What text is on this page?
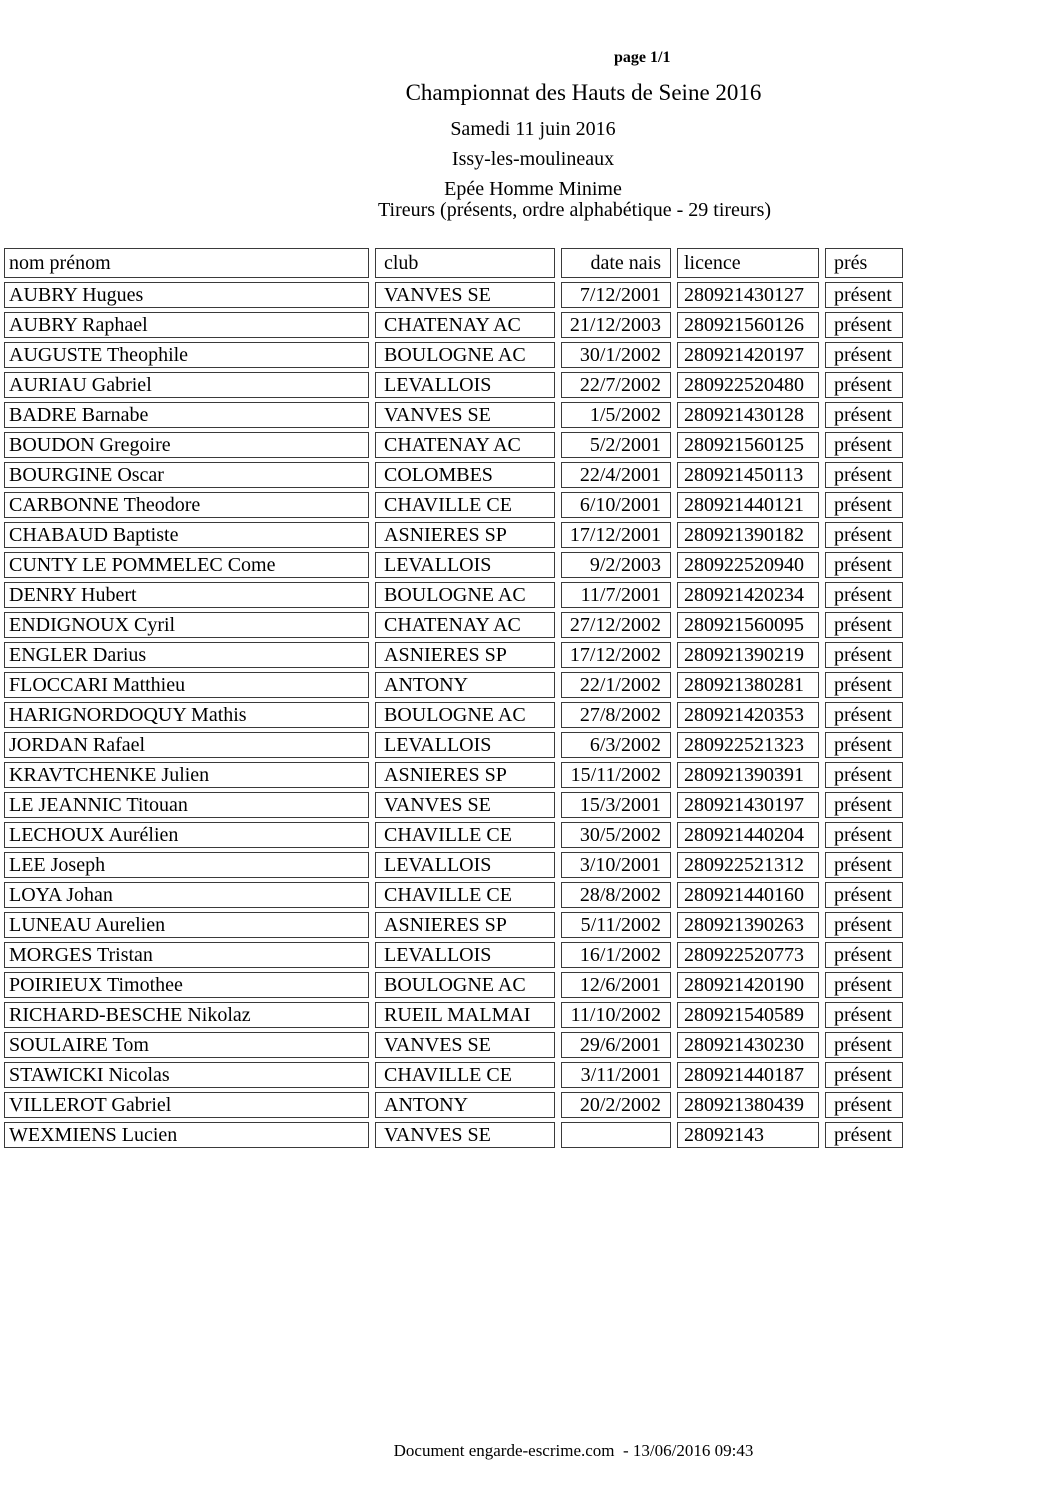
Championnat des Hauts de Seine 2016

page 1/1

Samedi 11 juin 2016

Issy-les-moulineaux

Epée Homme Minime

Tireurs (présents, ordre alphabétique - 29 tireurs)
nom prénom	club	date nais	licence	prés
AUBRY Hugues	VANVES SE	7/12/2001	280921430127	présent
AUBRY Raphael	CHATENAY AC	21/12/2003	280921560126	présent
AUGUSTE Theophile	BOULOGNE AC	30/1/2002	280921420197	présent
AURIAU Gabriel	LEVALLOIS	22/7/2002	280922520480	présent
BADRE Barnabe	VANVES SE	1/5/2002	280921430128	présent
BOUDON Gregoire	CHATENAY AC	5/2/2001	280921560125	présent
BOURGINE Oscar	COLOMBES	22/4/2001	280921450113	présent
CARBONNE Theodore	CHAVILLE CE	6/10/2001	280921440121	présent
CHABAUD Baptiste	ASNIERES SP	17/12/2001	280921390182	présent
CUNTY LE POMMELEC Come	LEVALLOIS	9/2/2003	280922520940	présent
DENRY Hubert	BOULOGNE AC	11/7/2001	280921420234	présent
ENDIGNOUX Cyril	CHATENAY AC	27/12/2002	280921560095	présent
ENGLER Darius	ASNIERES SP	17/12/2002	280921390219	présent
FLOCCARI Matthieu	ANTONY	22/1/2002	280921380281	présent
HARIGNORDOQUY Mathis	BOULOGNE AC	27/8/2002	280921420353	présent
JORDAN Rafael	LEVALLOIS	6/3/2002	280922521323	présent
KRAVTCHENKE Julien	ASNIERES SP	15/11/2002	280921390391	présent
LE JEANNIC Titouan	VANVES SE	15/3/2001	280921430197	présent
LECHOUX Aurélien	CHAVILLE CE	30/5/2002	280921440204	présent
LEE Joseph	LEVALLOIS	3/10/2001	280922521312	présent
LOYA Johan	CHAVILLE CE	28/8/2002	280921440160	présent
LUNEAU Aurelien	ASNIERES SP	5/11/2002	280921390263	présent
MORGES Tristan	LEVALLOIS	16/1/2002	280922520773	présent
POIRIEUX Timothee	BOULOGNE AC	12/6/2001	280921420190	présent
RICHARD-BESCHE Nikolaz	RUEIL MALMAI	11/10/2002	280921540589	présent
SOULAIRE Tom	VANVES SE	29/6/2001	280921430230	présent
STAWICKI Nicolas	CHAVILLE CE	3/11/2001	280921440187	présent
VILLEROT Gabriel	ANTONY	20/2/2002	280921380439	présent
WEXMIENS Lucien	VANVES SE		28092143	présent

Document engarde-escrime.com  - 13/06/2016 09:43
